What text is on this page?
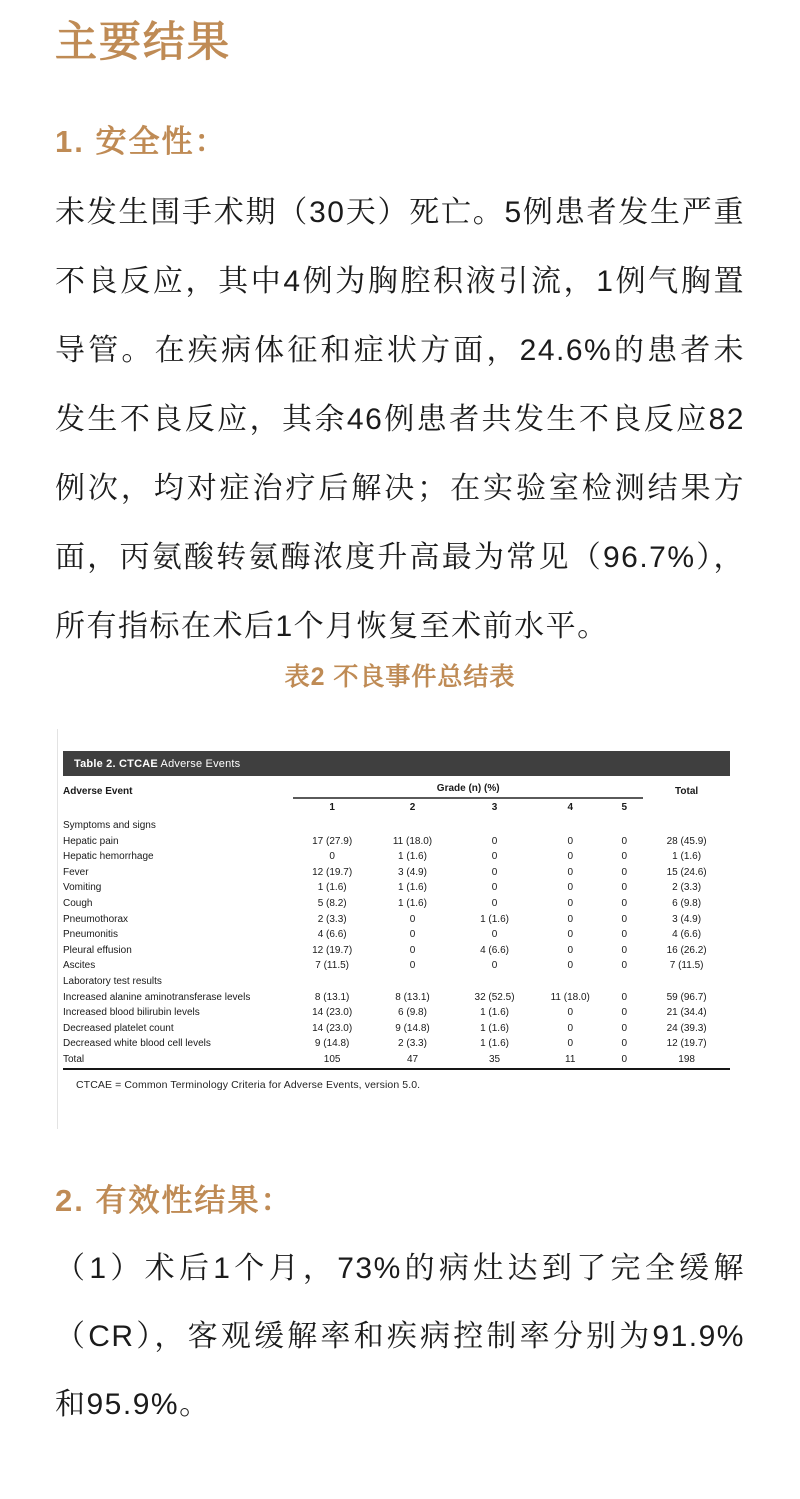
主要结果
1. 安全性：

未发生围手术期（30天）死亡。5例患者发生严重不良反应，其中4例为胸腔积液引流，1例气胸置导管。在疾病体征和症状方面，24.6%的患者未发生不良反应，其余46例患者共发生不良反应82例次，均对症治疗后解决；在实验室检测结果方面，丙氨酸转氨酶浓度升高最为常见（96.7%），所有指标在术后1个月恢复至术前水平。

表2 不良事件总结表
Table 2. CTCAE Adverse Events
Adverse Event	Grade (n) (%)					Total
	1	2	3	4	5	
Symptoms and signs						
Hepatic pain	17 (27.9)	11 (18.0)	0	0	0	28 (45.9)
Hepatic hemorrhage	0	1 (1.6)	0	0	0	1 (1.6)
Fever	12 (19.7)	3 (4.9)	0	0	0	15 (24.6)
Vomiting	1 (1.6)	1 (1.6)	0	0	0	2 (3.3)
Cough	5 (8.2)	1 (1.6)	0	0	0	6 (9.8)
Pneumothorax	2 (3.3)	0	1 (1.6)	0	0	3 (4.9)
Pneumonitis	4 (6.6)	0	0	0	0	4 (6.6)
Pleural effusion	12 (19.7)	0	4 (6.6)	0	0	16 (26.2)
Ascites	7 (11.5)	0	0	0	0	7 (11.5)
Laboratory test results						
Increased alanine aminotransferase levels	8 (13.1)	8 (13.1)	32 (52.5)	11 (18.0)	0	59 (96.7)
Increased blood bilirubin levels	14 (23.0)	6 (9.8)	1 (1.6)	0	0	21 (34.4)
Decreased platelet count	14 (23.0)	9 (14.8)	1 (1.6)	0	0	24 (39.3)
Decreased white blood cell levels	9 (14.8)	2 (3.3)	1 (1.6)	0	0	12 (19.7)
Total	105	47	35	11	0	198
CTCAE = Common Terminology Criteria for Adverse Events, version 5.0.
2. 有效性结果：

（1）术后1个月，73%的病灶达到了完全缓解（CR），客观缓解率和疾病控制率分别为91.9%和95.9%。
